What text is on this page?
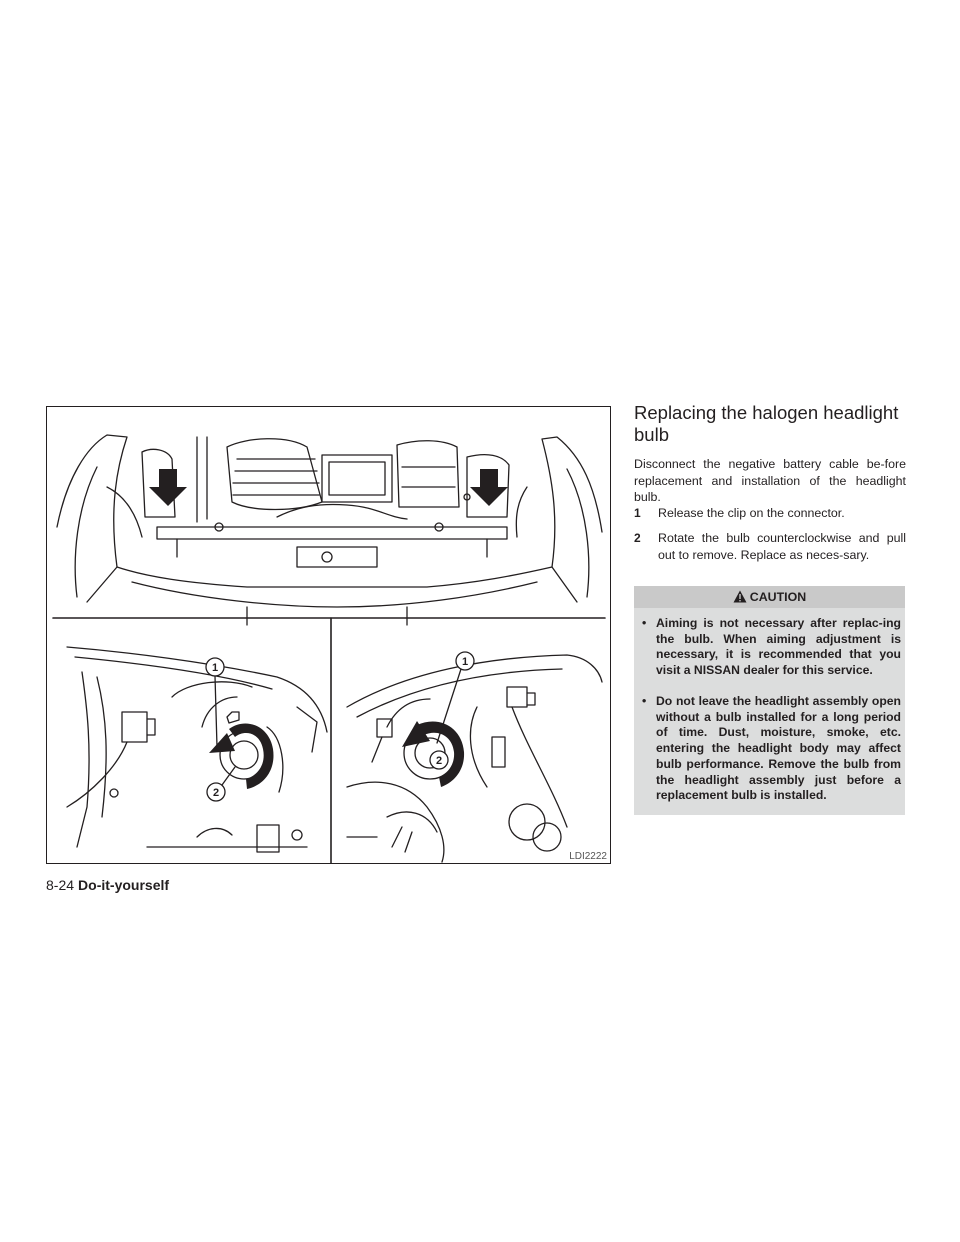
1
2
1
2
LDI2222
Replacing the halogen headlight bulb

Disconnect the negative battery cable be-fore replacement and installation of the headlight bulb.

1	Release the clip on the connector.
2	Rotate the bulb counterclockwise and pull out to remove. Replace as neces-sary.
CAUTION
• Aiming is not necessary after replac-ing the bulb. When aiming adjustment is necessary, it is recommended that you visit a NISSAN dealer for this service.
• Do not leave the headlight assembly open without a bulb installed for a long period of time. Dust, moisture, smoke, etc. entering the headlight body may affect bulb performance. Remove the bulb from the headlight assembly just before a replacement bulb is installed.
8-24 Do-it-yourself
